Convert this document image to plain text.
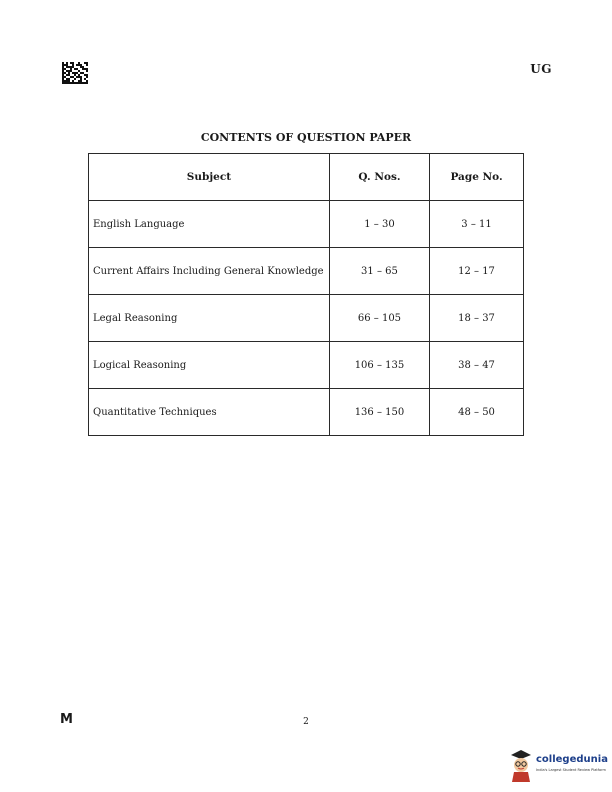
UG
CONTENTS OF QUESTION PAPER
Subject	Q. Nos.	Page No.
English Language	1 – 30	3 – 11
Current Affairs Including General Knowledge	31 – 65	12 – 17
Legal Reasoning	66 – 105	18 – 37
Logical Reasoning	106 – 135	38 – 47
Quantitative Techniques	136 – 150	48 – 50
M	2
collegedunia
India's Largest Student Review Platform
